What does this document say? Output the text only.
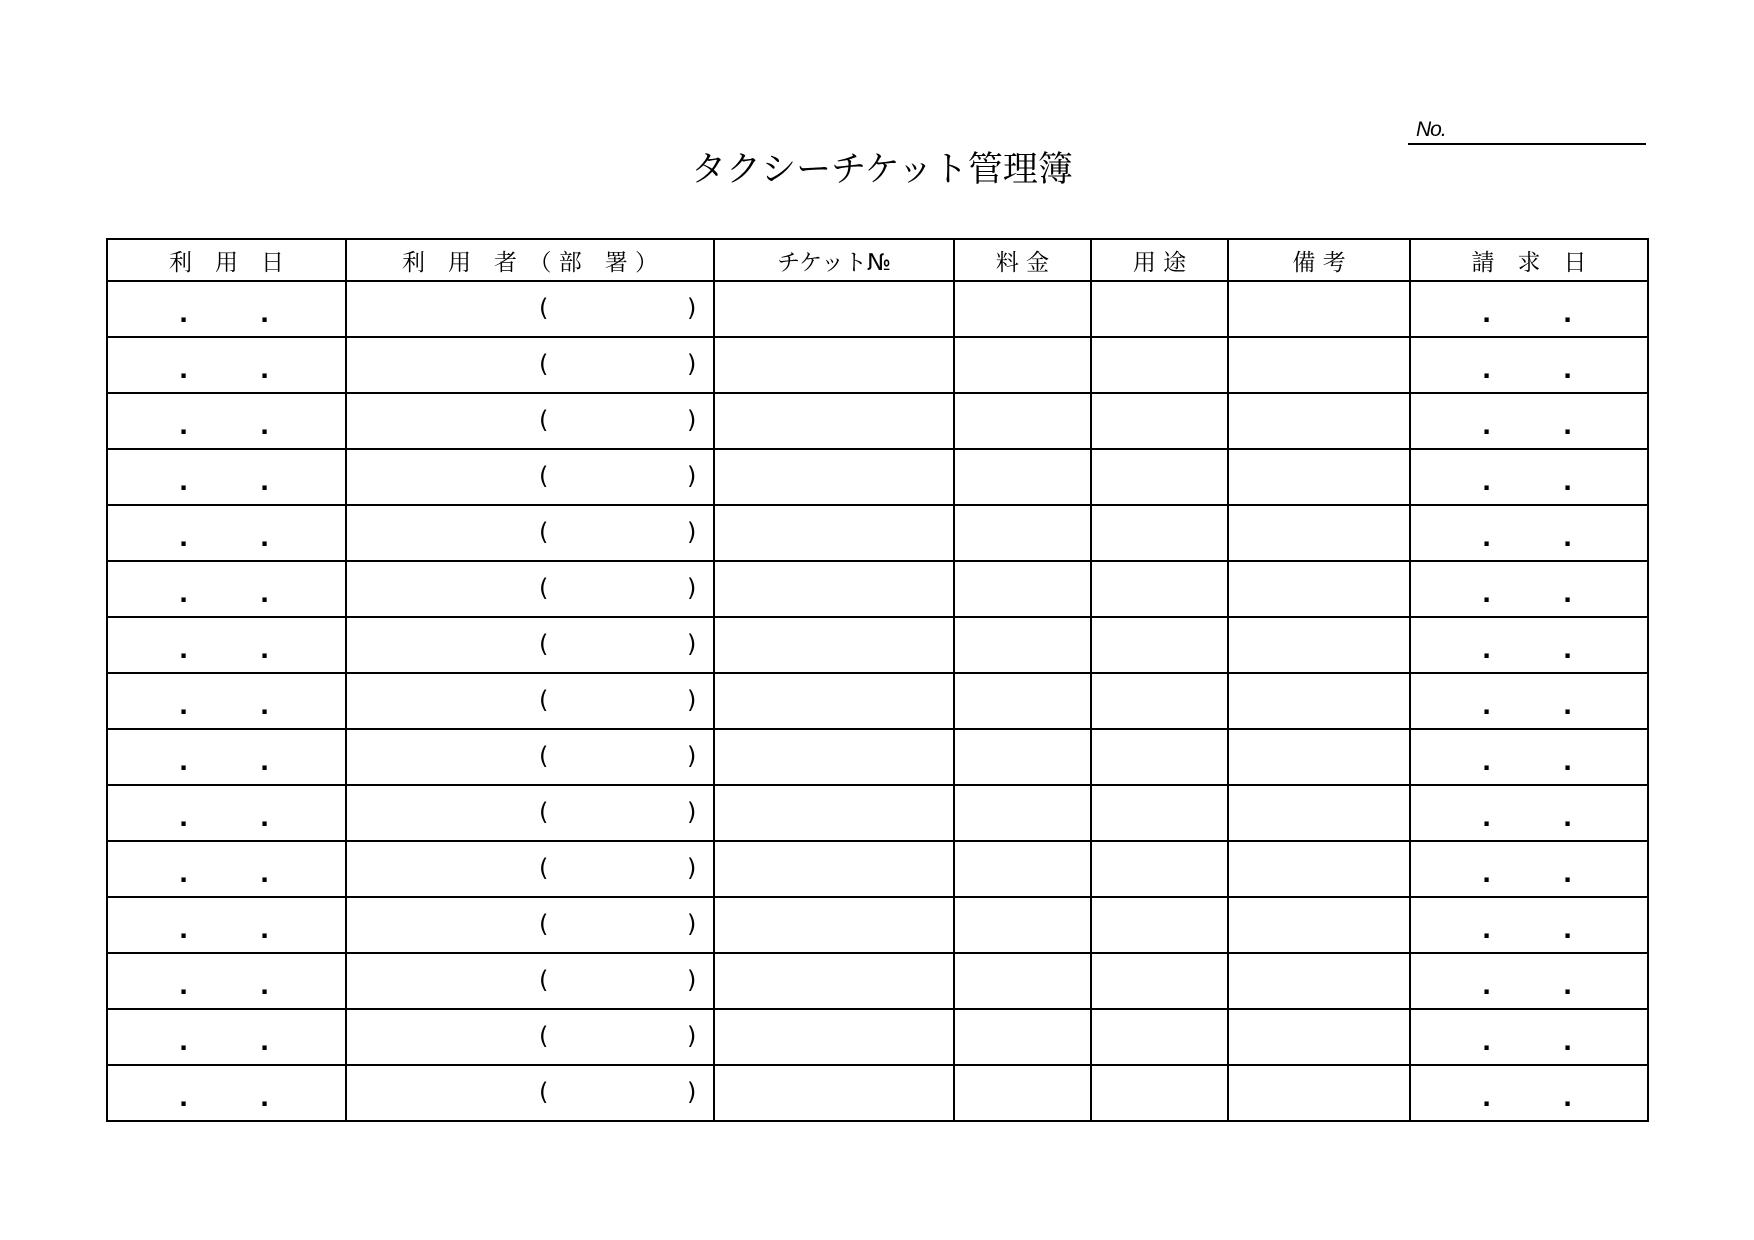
No.
タクシーチケット管理簿
利　用　日	利　用　者　（ 部　署 ）	チケット№	料 金	用 途	備 考	請　求　日

. .	( )					. .

. .	( )					. .

. .	( )					. .

. .	( )					. .

. .	( )					. .

. .	( )					. .

. .	( )					. .

. .	( )					. .

. .	( )					. .

. .	( )					. .

. .	( )					. .

. .	( )					. .

. .	( )					. .

. .	( )					. .

. .	( )					. .
